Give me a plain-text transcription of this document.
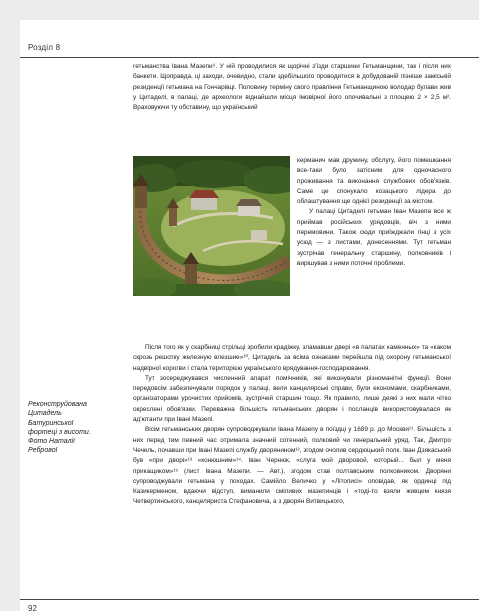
Розділ 8

гетьманства Івана Мазепи⁹. У ній проводилися як щорічні з'їзди старшини Гетьманщини, так і після них банкети. Щоправда, ці заходи, очевидно, стали здебільшого проводитися в добудованій пізніше заміській резиденції гетьмана на Гончарівці. Половину терміну свого правління Гетьманщиною володар булави жив у Цитаделі, в палаці, де археологи віднайшли місця імовірної його опочивальні з площею 2 × 2,5 м². Враховуючи ту обставину, що український

керманич мав дружину, обслугу, його помешкання все-таки було затісним для одночасного проживання та виконання службових обов'язків. Саме це спонукало козацького лідера до облаштування ще однієї резиденції за містом.

У палаці Цитаделі гетьман Іван Мазепа все ж приймав російських урядовців, віч з ними перемовини. Також сюди приїжджали гінці з усіх усюд — з листами, донесеннями. Тут гетьман зустрічав генеральну старшину, полковників і вирішував з ними поточні проблеми.

Після того як у скарбниці стрільці зробили крадіжку, зламавши двері «в палатах каменных» та «каком скрозь решотку железную влезшие»¹⁰, Цитадель за всіма ознаками перейшла під охорону гетьманської надвірної корогви і стала територією українського врядування-господарювання.

Тут зосереджувався численний апарат помічників, які виконували різноманітні функції. Вони передовсім забезпечували порядок у палаці, вели канцелярські справи, були економами, скарбниками, організаторами урочистих прийомів, зустрічей старшин тощо. Як правило, лише деякі з них мали чітко окреслені обов'язки. Переважна більшість гетьманських дворян і посланців використовувалася як ад'ютанти при Івані Мазепі.

Вісім гетьманських дворян супроводжували Івана Мазепу в поїздці у 1689 р. до Москви¹¹. Більшість з них перед тим певний час отримала значний сотенний, полковий чи генеральний уряд. Так, Дмитро Чечель, почавши при Івані Мазепі службу дворянином¹², згодом очолив сердюцький полк. Іван Дзякаський був «при дворі»¹³ «конюшним»¹⁴. Іван Чернюк, «слуга мой дворовой, который... был у меня прикащиком»¹⁵ (лист Івана Мазепи. — Авт.), згодом став полтавським полковником. Дворяни супроводжували гетьмана у походах. Самійло Величко у «Літописі» оповідав, як ординці під Казикерменом, вдаючи відступ, виманили сміливих мазепинців і «тоді-то взяли живцем князя Четвертинського, канцеляриста Стефановича, а з дворян Витвицького,

Реконструйована
Цитадель
Батуринської
фортеці з висоти.
Фото Наталії
Ребрової
92
